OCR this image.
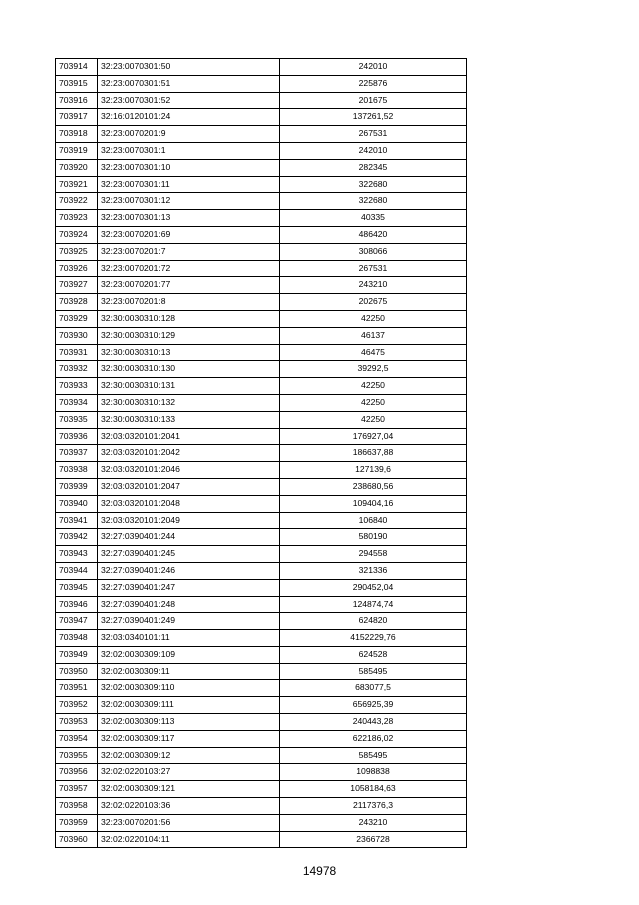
703914	32:23:0070301:50	242010
703915	32:23:0070301:51	225876
703916	32:23:0070301:52	201675
703917	32:16:0120101:24	137261,52
703918	32:23:0070201:9	267531
703919	32:23:0070301:1	242010
703920	32:23:0070301:10	282345
703921	32:23:0070301:11	322680
703922	32:23:0070301:12	322680
703923	32:23:0070301:13	40335
703924	32:23:0070201:69	486420
703925	32:23:0070201:7	308066
703926	32:23:0070201:72	267531
703927	32:23:0070201:77	243210
703928	32:23:0070201:8	202675
703929	32:30:0030310:128	42250
703930	32:30:0030310:129	46137
703931	32:30:0030310:13	46475
703932	32:30:0030310:130	39292,5
703933	32:30:0030310:131	42250
703934	32:30:0030310:132	42250
703935	32:30:0030310:133	42250
703936	32:03:0320101:2041	176927,04
703937	32:03:0320101:2042	186637,88
703938	32:03:0320101:2046	127139,6
703939	32:03:0320101:2047	238680,56
703940	32:03:0320101:2048	109404,16
703941	32:03:0320101:2049	106840
703942	32:27:0390401:244	580190
703943	32:27:0390401:245	294558
703944	32:27:0390401:246	321336
703945	32:27:0390401:247	290452,04
703946	32:27:0390401:248	124874,74
703947	32:27:0390401:249	624820
703948	32:03:0340101:11	4152229,76
703949	32:02:0030309:109	624528
703950	32:02:0030309:11	585495
703951	32:02:0030309:110	683077,5
703952	32:02:0030309:111	656925,39
703953	32:02:0030309:113	240443,28
703954	32:02:0030309:117	622186,02
703955	32:02:0030309:12	585495
703956	32:02:0220103:27	1098838
703957	32:02:0030309:121	1058184,63
703958	32:02:0220103:36	2117376,3
703959	32:23:0070201:56	243210
703960	32:02:0220104:11	2366728
14978
